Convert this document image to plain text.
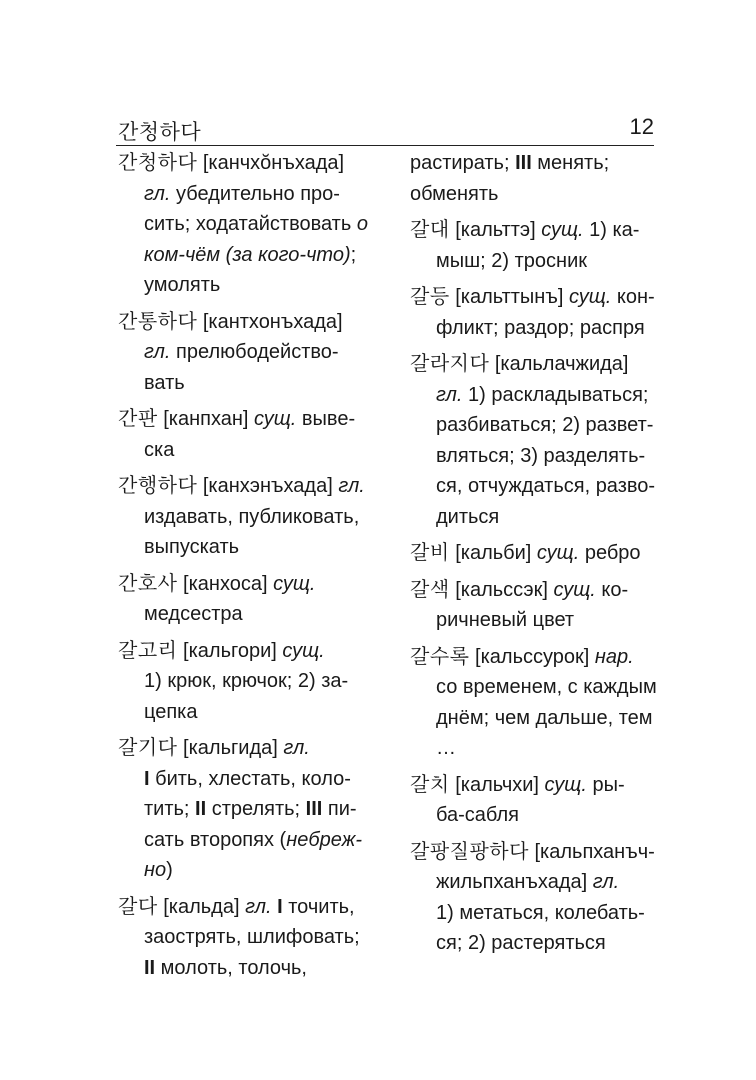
간청하다	12
간청하다 [канчхŏнъхада]
гл. убедительно про-
сить; ходатайствовать о
ком-чём (за кого-что);
умолять
간통하다 [кантхонъхада]
гл. прелюбодейство-
вать
간판 [канпхан] сущ. выве-
ска
간행하다 [канхэнъхада] гл.
издавать, публиковать,
выпускать
간호사 [канхоса] сущ.
медсестра
갈고리 [кальгори] сущ.
1) крюк, крючок; 2) за-
цепка
갈기다 [кальгида] гл.
I бить, хлестать, коло-
тить; II стрелять; III пи-
сать второпях (небреж-
но)
갈다 [кальда] гл. I точить,
заострять, шлифовать;
II молоть, толочь,
растирать; III менять;
обменять
갈대 [кальттэ] сущ. 1) ка-
мыш; 2) тросник
갈등 [кальттынъ] сущ. кон-
фликт; раздор; распря
갈라지다 [кальлачжида]
гл. 1) раскладываться;
разбиваться; 2) развет-
вляться; 3) разделять-
ся, отчуждаться, разво-
диться
갈비 [кальби] сущ. ребро
갈색 [кальссэк] сущ. ко-
ричневый цвет
갈수록 [кальссурок] нар.
со временем, с каждым
днём; чем дальше, тем
…
갈치 [кальчхи] сущ. ры-
ба-сабля
갈팡질팡하다 [кальпханъч-
жильпханъхада] гл.
1) метаться, колебать-
ся; 2) растеряться
